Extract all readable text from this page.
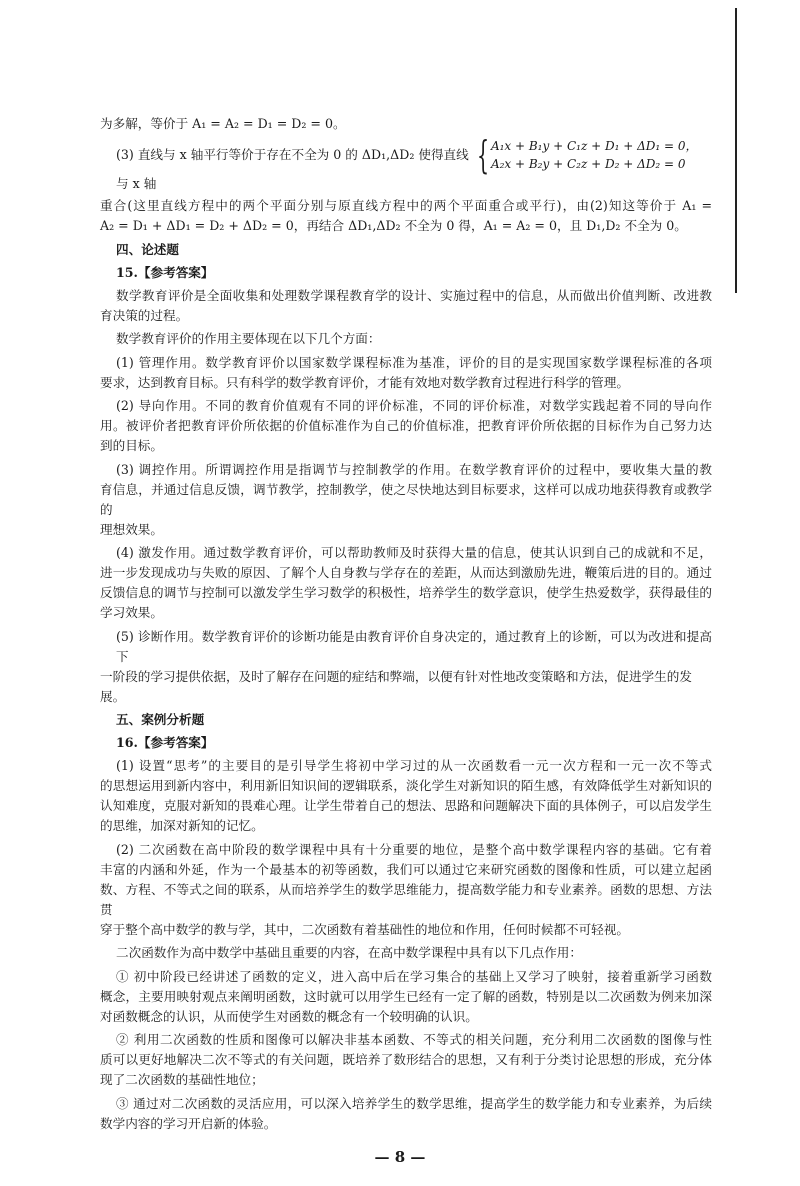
为多解，等价于 A₁ = A₂ = D₁ = D₂ = 0。
(3) 直线与 x 轴平行等价于存在不全为 0 的 ΔD₁,ΔD₂ 使得直线 { A₁x + B₁y + C₁z + D₁ + ΔD₁ = 0，
A₂x + B₂y + C₂z + D₂ + ΔD₂ = 0
与 x 轴
重合(这里直线方程中的两个平面分别与原直线方程中的两个平面重合或平行)，由(2)知这等价于 A₁ =
A₂ = D₁ + ΔD₁ = D₂ + ΔD₂ = 0，再结合 ΔD₁,ΔD₂ 不全为 0 得，A₁ = A₂ = 0，且 D₁,D₂ 不全为 0。
四、论述题
15.【参考答案】
数学教育评价是全面收集和处理数学课程教育学的设计、实施过程中的信息，从而做出价值判断、改进教
育决策的过程。
数学教育评价的作用主要体现在以下几个方面：
(1) 管理作用。数学教育评价以国家数学课程标准为基准，评价的目的是实现国家数学课程标准的各项
要求，达到教育目标。只有科学的数学教育评价，才能有效地对数学教育过程进行科学的管理。
(2) 导向作用。不同的教育价值观有不同的评价标准，不同的评价标准，对数学实践起着不同的导向作
用。被评价者把教育评价所依据的价值标准作为自己的价值标准，把教育评价所依据的目标作为自己努力达
到的目标。
(3) 调控作用。所谓调控作用是指调节与控制教学的作用。在数学教育评价的过程中，要收集大量的教
育信息，并通过信息反馈，调节教学，控制教学，使之尽快地达到目标要求，这样可以成功地获得教育或教学的
理想效果。
(4) 激发作用。通过数学教育评价，可以帮助教师及时获得大量的信息，使其认识到自己的成就和不足，
进一步发现成功与失败的原因、了解个人自身教与学存在的差距，从而达到激励先进，鞭策后进的目的。通过
反馈信息的调节与控制可以激发学生学习数学的积极性，培养学生的数学意识，使学生热爱数学，获得最佳的
学习效果。
(5) 诊断作用。数学教育评价的诊断功能是由教育评价自身决定的，通过教育上的诊断，可以为改进和提高下
一阶段的学习提供依据，及时了解存在问题的症结和弊端，以便有针对性地改变策略和方法，促进学生的发展。
五、案例分析题
16.【参考答案】
(1) 设置“思考”的主要目的是引导学生将初中学习过的从一次函数看一元一次方程和一元一次不等式
的思想运用到新内容中，利用新旧知识间的逻辑联系，淡化学生对新知识的陌生感，有效降低学生对新知识的
认知难度，克服对新知的畏难心理。让学生带着自己的想法、思路和问题解决下面的具体例子，可以启发学生
的思维，加深对新知的记忆。
(2) 二次函数在高中阶段的数学课程中具有十分重要的地位，是整个高中数学课程内容的基础。它有着
丰富的内涵和外延，作为一个最基本的初等函数，我们可以通过它来研究函数的图像和性质，可以建立起函
数、方程、不等式之间的联系，从而培养学生的数学思维能力，提高数学能力和专业素养。函数的思想、方法贯
穿于整个高中数学的教与学，其中，二次函数有着基础性的地位和作用，任何时候都不可轻视。
二次函数作为高中数学中基础且重要的内容，在高中数学课程中具有以下几点作用：
① 初中阶段已经讲述了函数的定义，进入高中后在学习集合的基础上又学习了映射，接着重新学习函数
概念，主要用映射观点来阐明函数，这时就可以用学生已经有一定了解的函数，特别是以二次函数为例来加深
对函数概念的认识，从而使学生对函数的概念有一个较明确的认识。
② 利用二次函数的性质和图像可以解决非基本函数、不等式的相关问题，充分利用二次函数的图像与性
质可以更好地解决二次不等式的有关问题，既培养了数形结合的思想，又有利于分类讨论思想的形成，充分体
现了二次函数的基础性地位；
③ 通过对二次函数的灵活应用，可以深入培养学生的数学思维，提高学生的数学能力和专业素养，为后续
数学内容的学习开启新的体验。
— 8 —
